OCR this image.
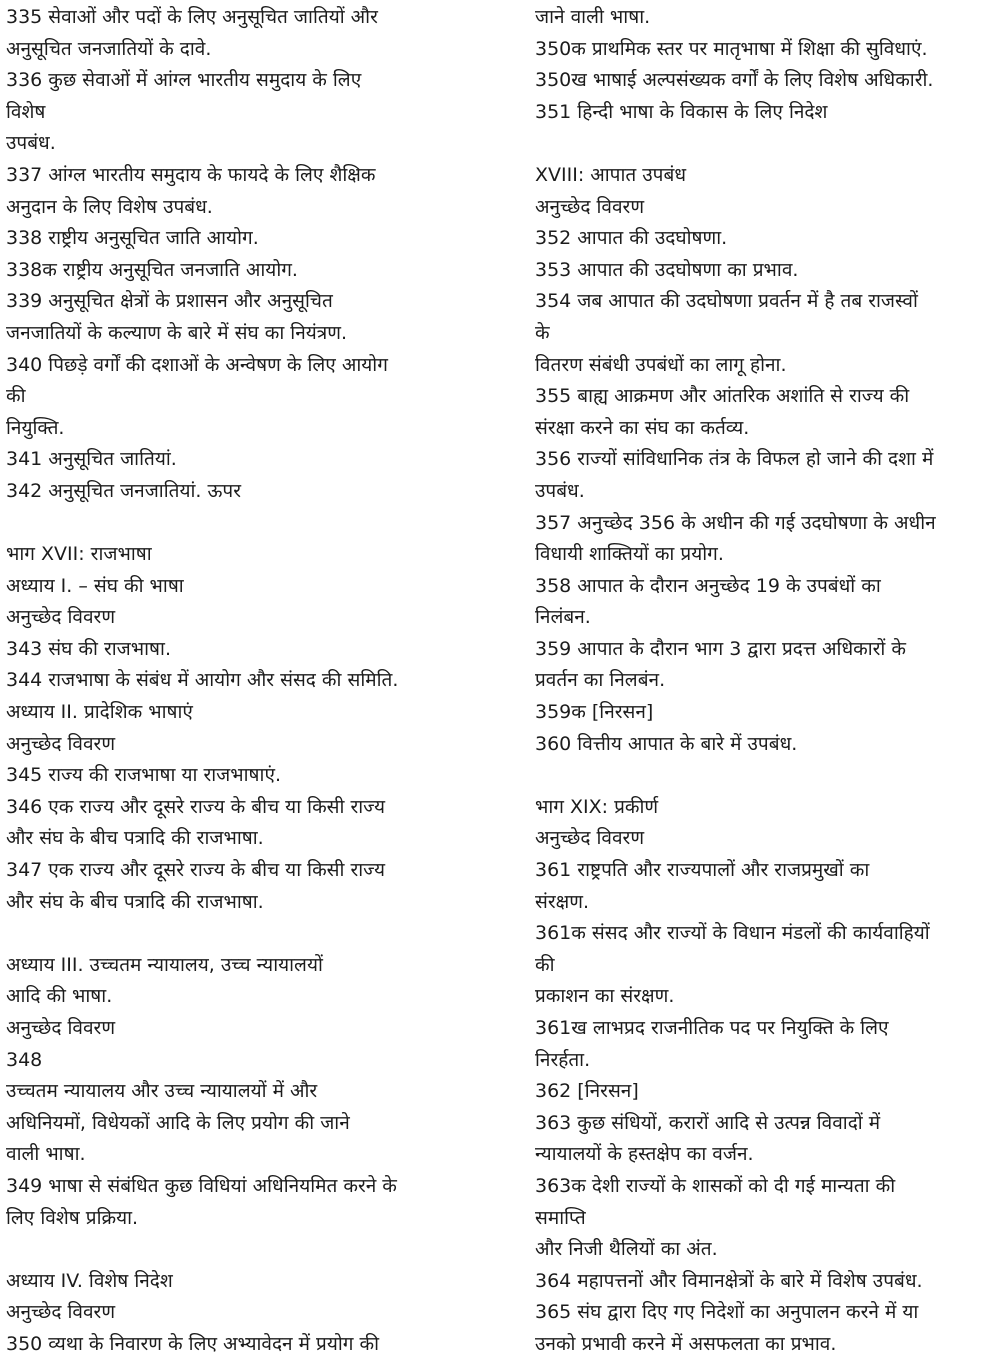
335 सेवाओं और पदों के लिए अनुसूचित जातियों और
अनुसूचित जनजातियों के दावे.
336 कुछ सेवाओं में आंग्ल भारतीय समुदाय के लिए
विशेष
उपबंध.
337 आंग्ल भारतीय समुदाय के फायदे के लिए शैक्षिक
अनुदान के लिए विशेष उपबंध.
338 राष्ट्रीय अनुसूचित जाति आयोग.
338क राष्ट्रीय अनुसूचित जनजाति आयोग.
339 अनुसूचित क्षेत्रों के प्रशासन और अनुसूचित
जनजातियों के कल्याण के बारे में संघ का नियंत्रण.
340 पिछड़े वर्गों की दशाओं के अन्वेषण के लिए आयोग
की
नियुक्ति.
341 अनुसूचित जातियां.
342 अनुसूचित जनजातियां. ऊपर
भाग XVII: राजभाषा
अध्याय I. – संघ की भाषा
अनुच्छेद विवरण
343 संघ की राजभाषा.
344 राजभाषा के संबंध में आयोग और संसद की समिति.
अध्याय II. प्रादेशिक भाषाएं
अनुच्छेद विवरण
345 राज्य की राजभाषा या राजभाषाएं.
346 एक राज्य और दूसरे राज्य के बीच या किसी राज्य
और संघ के बीच पत्रादि की राजभाषा.
347 एक राज्य और दूसरे राज्य के बीच या किसी राज्य
और संघ के बीच पत्रादि की राजभाषा.
अध्याय III. उच्चतम न्यायालय, उच्च न्यायालयों
आदि की भाषा.
अनुच्छेद विवरण
348
उच्चतम न्यायालय और उच्च न्यायालयों में और
अधिनियमों, विधेयकों आदि के लिए प्रयोग की जाने
वाली भाषा.
349 भाषा से संबंधित कुछ विधियां अधिनियमित करने के
लिए विशेष प्रक्रिया.
अध्याय IV. विशेष निदेश
अनुच्छेद विवरण
350 व्यथा के निवारण के लिए अभ्यावेदन में प्रयोग की
जाने वाली भाषा.
350क प्राथमिक स्तर पर मातृभाषा में शिक्षा की सुविधाएं.
350ख भाषाई अल्पसंख्यक वर्गों के लिए विशेष अधिकारी.
351 हिन्दी भाषा के विकास के लिए निदेश
XVIII: आपात उपबंध
अनुच्छेद विवरण
352 आपात की उदघोषणा.
353 आपात की उदघोषणा का प्रभाव.
354 जब आपात की उदघोषणा प्रवर्तन में है तब राजस्वों
के
वितरण संबंधी उपबंधों का लागू होना.
355 बाह्य आक्रमण और आंतरिक अशांति से राज्य की
संरक्षा करने का संघ का कर्तव्य.
356 राज्यों सांविधानिक तंत्र के विफल हो जाने की दशा में
उपबंध.
357 अनुच्छेद 356 के अधीन की गई उदघोषणा के अधीन
विधायी शाक्तियों का प्रयोग.
358 आपात के दौरान अनुच्छेद 19 के उपबंधों का
निलंबन.
359 आपात के दौरान भाग 3 द्वारा प्रदत्त अधिकारों के
प्रवर्तन का निलबंन.
359क [निरसन]
360 वित्तीय आपात के बारे में उपबंध.
भाग XIX: प्रकीर्ण
अनुच्छेद विवरण
361 राष्ट्रपति और राज्यपालों और राजप्रमुखों का
संरक्षण.
361क संसद और राज्यों के विधान मंडलों की कार्यवाहियों
की
प्रकाशन का संरक्षण.
361ख लाभप्रद राजनीतिक पद पर नियुक्ति के लिए
निरर्हता.
362 [निरसन]
363 कुछ संधियों, करारों आदि से उत्पन्न विवादों में
न्यायालयों के हस्तक्षेप का वर्जन.
363क देशी राज्यों के शासकों को दी गई मान्यता की
समाप्ति
और निजी थैलियों का अंत.
364 महापत्तनों और विमानक्षेत्रों के बारे में विशेष उपबंध.
365 संघ द्वारा दिए गए निदेशों का अनुपालन करने में या
उनको प्रभावी करने में असफलता का प्रभाव.
